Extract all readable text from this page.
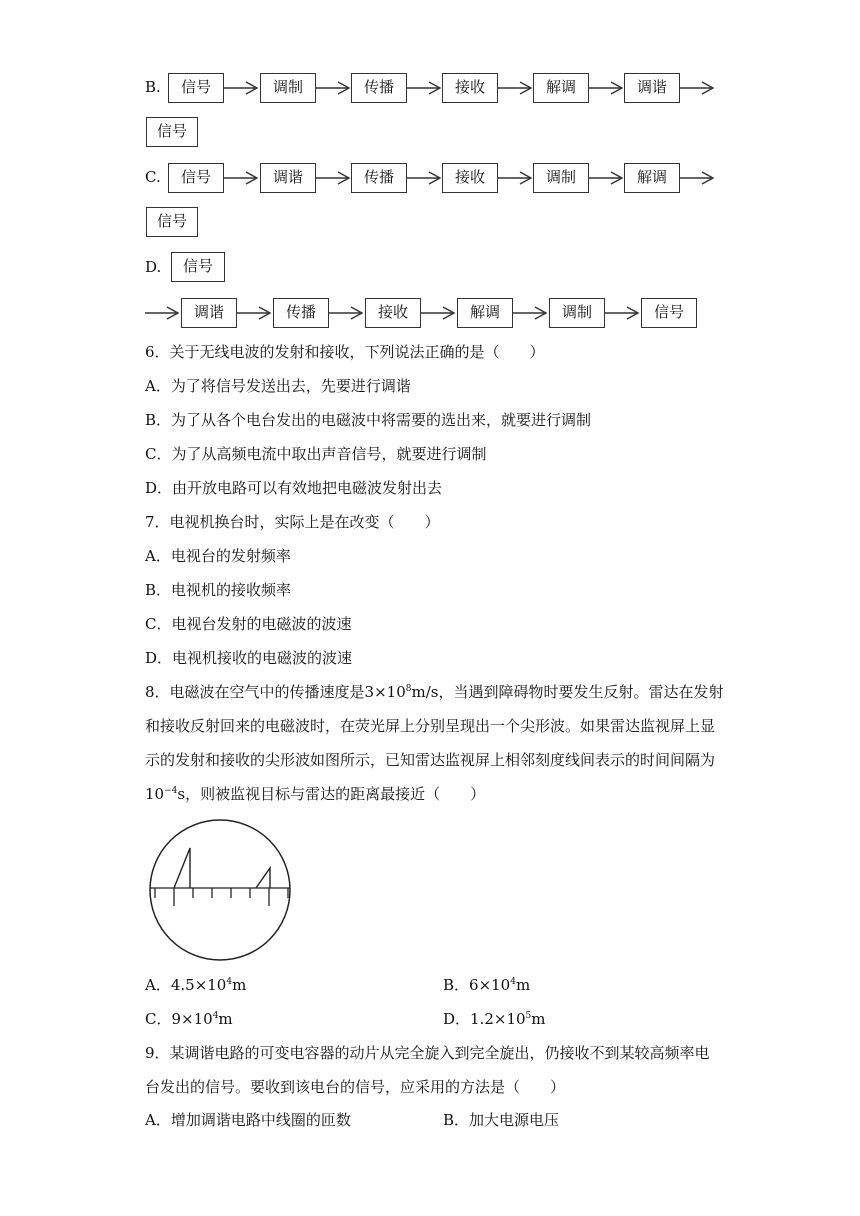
B.	信号	调制	传播	接收	解调	调谐
信号
C.	信号	调谐	传播	接收	调制	解调
信号
D.	信号
调谐	传播	接收	解调	调制	信号
6．关于无线电波的发射和接收，下列说法正确的是（　　）
A．为了将信号发送出去，先要进行调谐
B．为了从各个电台发出的电磁波中将需要的选出来，就要进行调制
C．为了从高频电流中取出声音信号，就要进行调制
D．由开放电路可以有效地把电磁波发射出去
7．电视机换台时，实际上是在改变（　　）
A．电视台的发射频率
B．电视机的接收频率
C．电视台发射的电磁波的波速
D．电视机接收的电磁波的波速
8．电磁波在空气中的传播速度是$3\times 10^8m/s$，当遇到障碍物时要发生反射。雷达在发射
和接收反射回来的电磁波时，在荧光屏上分别呈现出一个尖形波。如果雷达监视屏上显
示的发射和接收的尖形波如图所示，已知雷达监视屏上相邻刻度线间表示的时间间隔为
$10^{-4}s$，则被监视目标与雷达的距离最接近（　　）
A．$4.5\times 10^4m$	B．$6\times 10^4m$
C．$9\times 10^4m$	D．$1.2\times 10^5m$
9．某调谐电路的可变电容器的动片从完全旋入到完全旋出，仍接收不到某较高频率电
台发出的信号。要收到该电台的信号，应采用的方法是（　　）
A．增加调谐电路中线圈的匝数	B．加大电源电压
